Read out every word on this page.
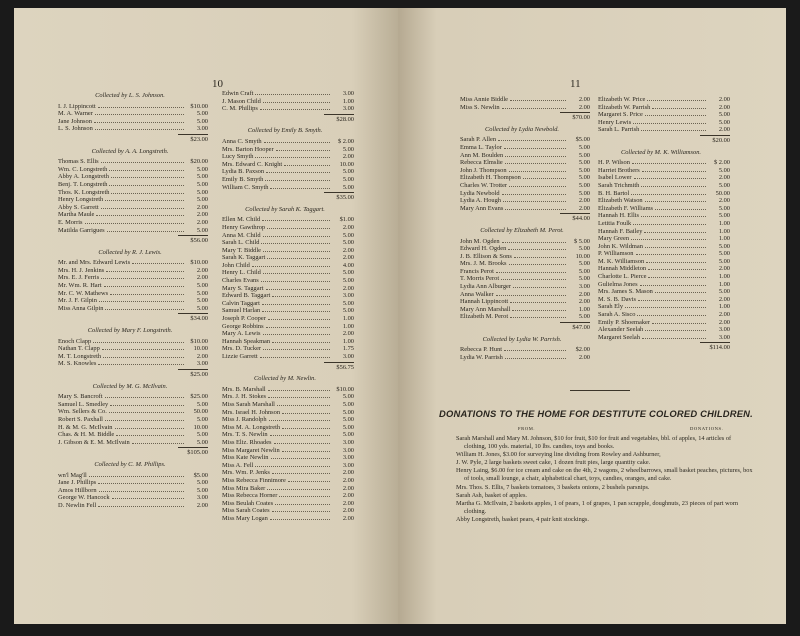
10
Collected by L. S. Johnson.
I. J. Lippincott	$10.00
M. A. Warner	5.00
Jane Johnson	5.00
L. S. Johnson	3.00
$23.00
Collected by A. A. Longstreth.
Thomas S. Ellis	$20.00
Wm. C. Longstreth	5.00
Abby A. Longstreth	5.00
Benj. T. Longstreth	5.00
Thos. K. Longstreth	5.00
Henry Longstreth	5.00
Abby S. Garrett	2.00
Martha Maule	2.00
E. Morris	2.00
Matilda Garrigues	5.00
$56.00
Collected by R. J. Lewis.
Mr. and Mrs. Edward Lewis	$10.00
Mrs. H. J. Jenkins	2.00
Mrs. E. J. Ferris	2.00
Mr. Wm. R. Hart	5.00
Mr. C. W. Mathews	5.00
Mr. J. F. Gilpin	5.00
Miss Anna Gilpin	5.00
$34.00
Collected by Mary F. Longstreth.
Enoch Clapp	$10.00
Nathan T. Clapp	10.00
M. T. Longstreth	2.00
M. S. Knowles	3.00
$25.00
Collected by M. G. McIlvain.
Mary S. Bancroft	$25.00
Samuel L. Smedley	5.00
Wm. Sellers & Co.	50.00
Robert S. Paxhall	5.00
H. & M. G. McIlvain	10.00
Chas. & H. M. Biddle	5.00
J. Gibson & E. M. McIlvain	5.00
$105.00
Collected by C. M. Phillips.
wn'l Mag'll	$5.00
Jane J. Phillips	5.00
Amos Hillborn	5.00
George W. Hancock	3.00
D. Newlin Fell	2.00
Edwin Craft	3.00
J. Mason Child	1.00
C. M. Phillips	3.00
$28.00
Collected by Emily B. Smyth.
Anna C. Smyth	$ 2.00
Mrs. Barton Hooper	5.00
Lucy Smyth	2.00
Mrs. Edward C. Knight	10.00
Lydia B. Paxson	5.00
Emily B. Smyth	5.00
William C. Smyth	5.00
$35.00
Collected by Sarah K. Taggart.
Ellen M. Child	$1.00
Henry Gawthrop	2.00
Anna M. Child	5.00
Sarah L. Child	5.00
Mary T. Biddle	2.00
Sarah K. Taggart	2.00
John Child	4.00
Henry L. Child	5.00
Charles Evans	5.00
Mary S. Taggart	2.00
Edward B. Taggart	3.00
Calvin Taggart	5.00
Samuel Harlan	5.00
Joseph P. Cooper	1.00
George Robbins	1.00
Mary A. Lewis	2.00
Hannah Speakman	1.00
Mrs. D. Tucker	1.75
Lizzie Garrett	3.00
$56.75
Collected by M. Newlin.
Mrs. B. Marshall	$10.00
Mrs. J. H. Stokes	5.00
Miss Sarah Marshall	5.00
Mrs. Israel H. Johnson	5.00
Miss J. Randolph	5.00
Miss M. A. Longstreth	5.00
Mrs. T. S. Newlin	5.00
Miss Eliz. Rhoades	3.00
Miss Margaret Newlin	3.00
Miss Kate Newlin	3.00
Miss A. Fell	3.00
Mrs. Wm. P. Jenks	2.00
Miss Rebecca Finnimore	2.00
Miss Mira Baker	2.00
Miss Rebecca Horner	2.00
Miss Beulah Coates	2.00
Miss Sarah Coates	2.00
Miss Mary Logan	2.00
11
Miss Annie Biddle	2.00
Miss S. Newlin	2.00
$70.00
Collected by Lydia Newbold.
Sarah P. Allen	$5.00
Emma L. Taylor	5.00
Ann M. Boulden	5.00
Rebecca Elmslie	5.00
John J. Thompson	5.00
Elizabeth H. Thompson	5.00
Charles W. Trotter	5.00
Lydia Newbold	5.00
Lydia A. Hough	2.00
Mary Ann Evans	2.00
$44.00
Collected by Elizabeth M. Perot.
John M. Ogden	$ 5.00
Edward H. Ogden	5.00
J. B. Ellison & Sons	10.00
Mrs. J. M. Brooks	5.00
Francis Perot	5.00
T. Morris Perot	5.00
Lydia Ann Alburger	3.00
Anna Walker	2.00
Hannah Lippincott	2.00
Mary Ann Marshall	1.00
Elizabeth M. Perot	5.00
$47.00
Collected by Lydia W. Parrish.
Rebecca P. Hunt	$2.00
Lydia W. Parrish	2.00
Elizabeth W. Price	2.00
Elizabeth W. Parrish	2.00
Margaret S. Price	5.00
Henry Lewis	5.00
Sarah L. Parrish	2.00
$20.00
Collected by M. K. Williamson.
H. P. Wilson	$ 2.00
Harriet Brothers	5.00
Isabel Lower	2.00
Sarah Trichmith	5.00
B. H. Bartol	50.00
Elizabeth Watson	2.00
Elizabeth F. Williams	5.00
Hannah H. Ellis	5.00
Letitia Foulk	1.00
Hannah F. Bailey	1.00
Mary Green	1.00
John K. Wildman	5.00
P. Williamson	5.00
M. K. Williamson	5.00
Hannah Middleton	2.00
Charlotte L. Pierce	1.00
Gulielma Jones	1.00
Mrs. James S. Mason	5.00
M. S. B. Davis	2.00
Sarah Ely	1.00
Sarah A. Sisco	2.00
Emily P. Shoemaker	2.00
Alexander Seelah	3.00
Margaret Seelah	3.00
$114.00
DONATIONS TO THE HOME FOR DESTITUTE COLORED CHILDREN.
FROM.	DONATIONS.

Sarah Marshall and Mary M. Johnson, $10 for fruit, $10 for fruit and vegetables, bbl. of apples, 14 articles of clothing, 100 yds. material, 10 lbs. candies, toys and books.

William H. Jones, $3.00 for surveying line dividing from Rowley and Ashburner,

J. W. Pyle, 2 large baskets sweet cake, 1 dozen fruit pies, large quantity cake.

Henry Laing, $6.00 for ice cream and cake on the 4th, 2 wagons, 2 wheelbarrows, small basket peaches, pictures, box of tools, small lounge, a chair, alphabetical chart, toys, candies, oranges, and cake.

Mrs. Thos. S. Ellis, 7 baskets tomatoes, 3 baskets onions, 2 bushels parsnips.

Sarah Ash, basket of apples.

Martha G. McIlvain, 2 baskets apples, 1 of pears, 1 of grapes, 1 pan scrapple, doughnuts, 23 pieces of part worn clothing.

Abby Longstreth, basket pears, 4 pair knit stockings.
